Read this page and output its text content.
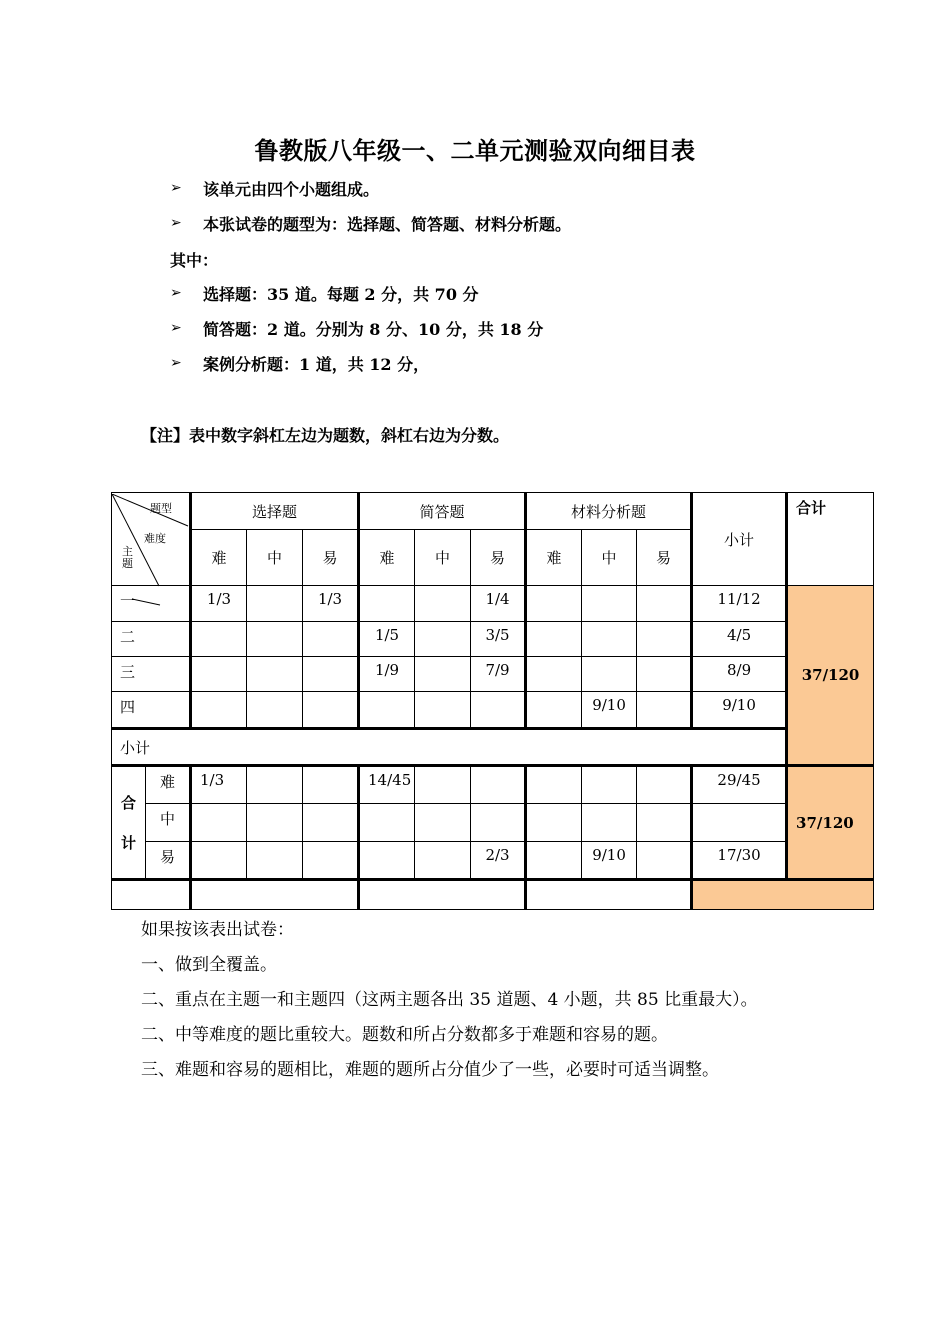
鲁教版八年级一、二单元测验双向细目表
➢ 该单元由四个小题组成。
➢ 本张试卷的题型为：选择题、简答题、材料分析题。
其中：
➢ 选择题：35 道。每题 2 分，共 70 分
➢ 简答题：2 道。分别为 8 分、10 分，共 18 分
➢ 案例分析题：1 道，共 12 分，
【注】表中数字斜杠左边为题数，斜杠右边为分数。
题型
难度
主
题		选择题			简答题			材料分析题			小计	合计
		难	中	易	难	中	易	难	中	易		

一		1/3		1/3			1/4				11/12	37/120
二					1/5		3/5				4/5	
三					1/9		7/9				8/9	
四									9/10		9/10	
小计												
合
计	难	1/3			14/45						29/45	37/120
	中											
	易						2/3		9/10		17/30	

如果按该表出试卷：
一、做到全覆盖。
二、重点在主题一和主题四（这两主题各出 35 道题、4 小题，共 85 比重最大）。
二、中等难度的题比重较大。题数和所占分数都多于难题和容易的题。
三、难题和容易的题相比，难题的题所占分值少了一些，必要时可适当调整。
